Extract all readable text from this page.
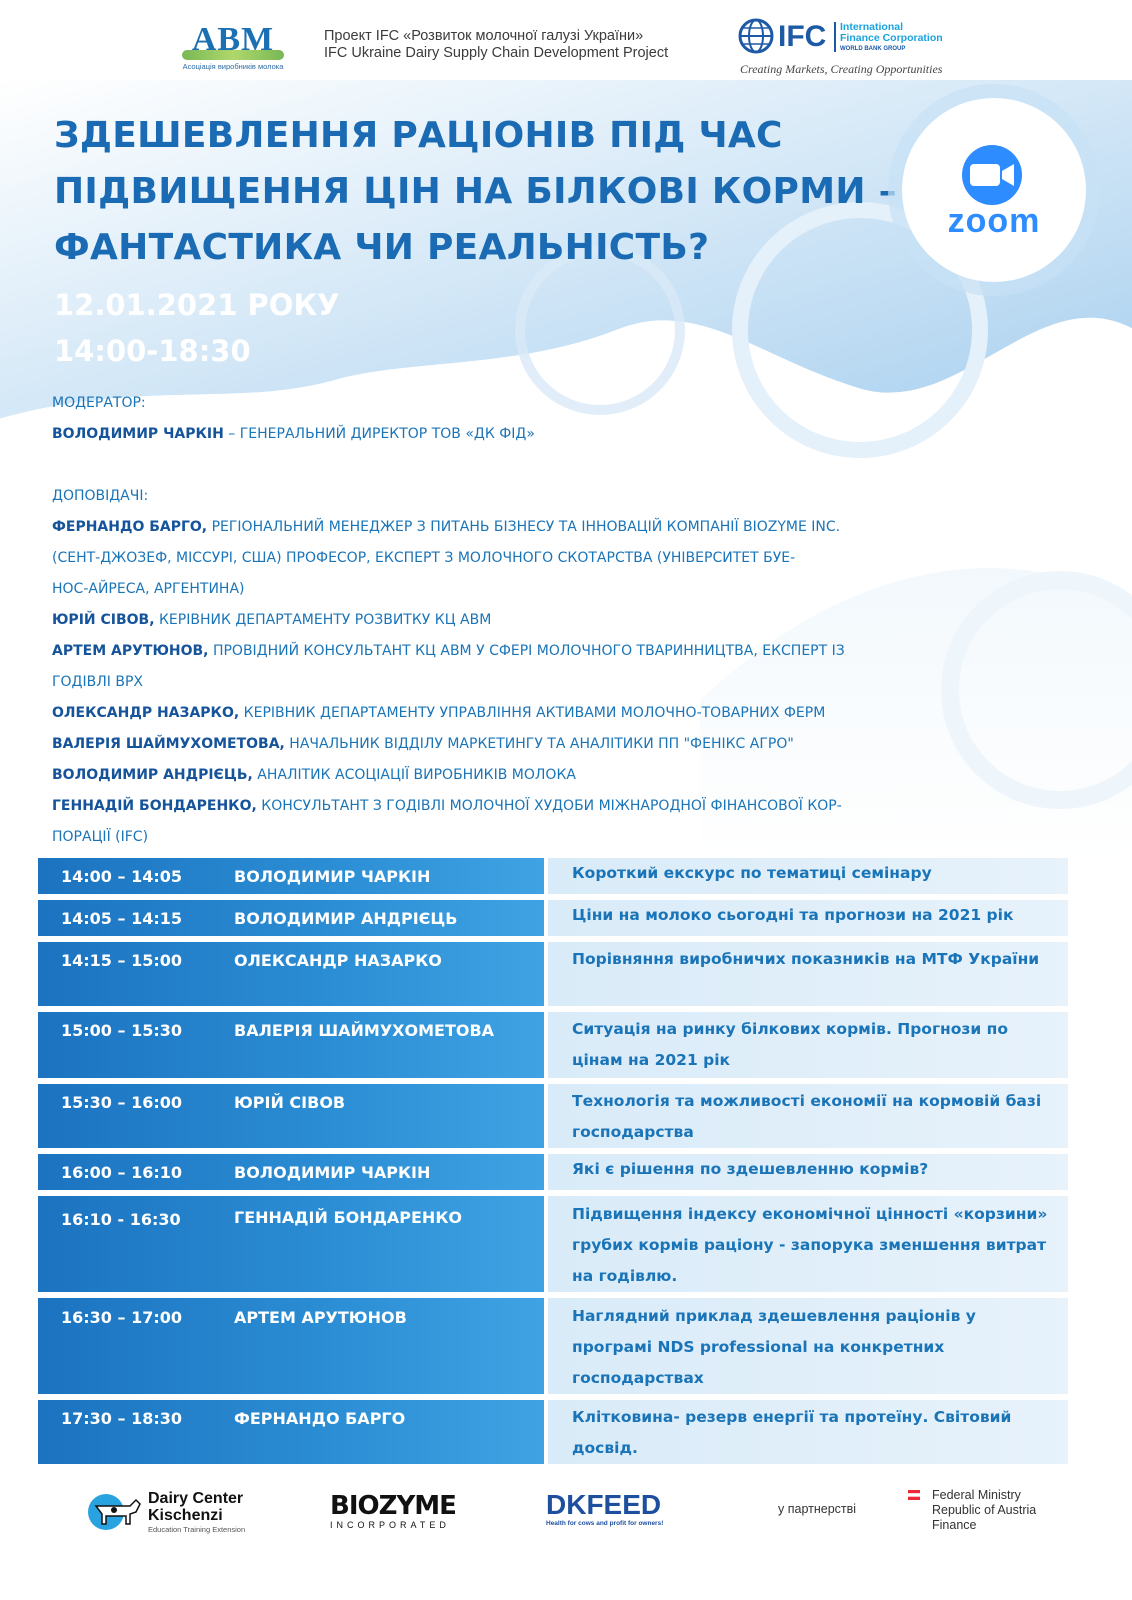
АВМ
Асоціація виробників молока
Проект IFC «Розвиток молочної галузі України»
IFC Ukraine Dairy Supply Chain Development Project	IFC International
Finance Corporation
WORLD BANK GROUP
Creating Markets, Creating Opportunities
ЗДЕШЕВЛЕННЯ РАЦІОНІВ ПІД ЧАС
ПІДВИЩЕННЯ ЦІН НА БІЛКОВІ КОРМИ –
ФАНТАСТИКА ЧИ РЕАЛЬНІСТЬ?
12.01.2021 РОКУ
14:00-18:30
zoom
МОДЕРАТОР:
ВОЛОДИМИР ЧАРКІН – ГЕНЕРАЛЬНИЙ ДИРЕКТОР ТОВ «ДК ФІД»
ДОПОВІДАЧІ:
ФЕРНАНДО БАРГО, РЕГІОНАЛЬНИЙ МЕНЕДЖЕР З ПИТАНЬ БІЗНЕСУ ТА ІННОВАЦІЙ КОМПАНІЇ BIOZYME INC.
(СЕНТ-ДЖОЗЕФ, МІССУРІ, США) ПРОФЕСОР, ЕКСПЕРТ З МОЛОЧНОГО СКОТАРСТВА (УНІВЕРСИТЕТ БУЕ-
НОС-АЙРЕСА, АРГЕНТИНА)
ЮРІЙ СІВОВ, КЕРІВНИК ДЕПАРТАМЕНТУ РОЗВИТКУ КЦ АВМ
АРТЕМ АРУТЮНОВ, ПРОВІДНИЙ КОНСУЛЬТАНТ КЦ АВМ У СФЕРІ МОЛОЧНОГО ТВАРИННИЦТВА, ЕКСПЕРТ ІЗ
ГОДІВЛІ ВРХ
ОЛЕКСАНДР НАЗАРКО, КЕРІВНИК ДЕПАРТАМЕНТУ УПРАВЛІННЯ АКТИВАМИ МОЛОЧНО-ТОВАРНИХ ФЕРМ
ВАЛЕРІЯ ШАЙМУХОМЕТОВА, НАЧАЛЬНИК ВІДДІЛУ МАРКЕТИНГУ ТА АНАЛІТИКИ ПП "ФЕНІКС АГРО"
ВОЛОДИМИР АНДРІЄЦЬ, АНАЛІТИК АСОЦІАЦІЇ ВИРОБНИКІВ МОЛОКА
ГЕННАДІЙ БОНДАРЕНКО, КОНСУЛЬТАНТ З ГОДІВЛІ МОЛОЧНОЇ ХУДОБИ МІЖНАРОДНОЇ ФІНАНСОВОЇ КОР-
ПОРАЦІЇ (IFC)
14:00 – 14:05	ВОЛОДИМИР ЧАРКІН	Короткий екскурс по тематиці семінару
14:05 – 14:15	ВОЛОДИМИР АНДРІЄЦЬ	Ціни на молоко сьогодні та прогнози на 2021 рік
14:15 – 15:00	ОЛЕКСАНДР НАЗАРКО	Порівняння виробничих показників на МТФ України
15:00 – 15:30	ВАЛЕРІЯ ШАЙМУХОМЕТОВА	Ситуація на ринку білкових кормів. Прогнози по цінам на 2021 рік
15:30 – 16:00	ЮРІЙ СІВОВ	Технологія та можливості економії на кормовій базі господарства
16:00 – 16:10	ВОЛОДИМИР ЧАРКІН	Які є рішення по здешевленню кормів?
16:10 - 16:30	ГЕННАДІЙ БОНДАРЕНКО	Підвищення індексу економічної цінності «корзини» грубих кормів раціону - запорука зменшення витрат на годівлю.
16:30 – 17:00	АРТЕМ АРУТЮНОВ	Наглядний приклад здешевлення раціонів у програмі NDS professional на конкретних господарствах
17:30 – 18:30	ФЕРНАНДО БАРГО	Клітковина- резерв енергії та протеїну. Світовий досвід.
Dairy Center
Kischenzi
Education Training Extension
BIOZYME
INCORPORATED
DKFEED
Health for cows and profit for owners!
у партнерстві
Federal Ministry
Republic of Austria
Finance
